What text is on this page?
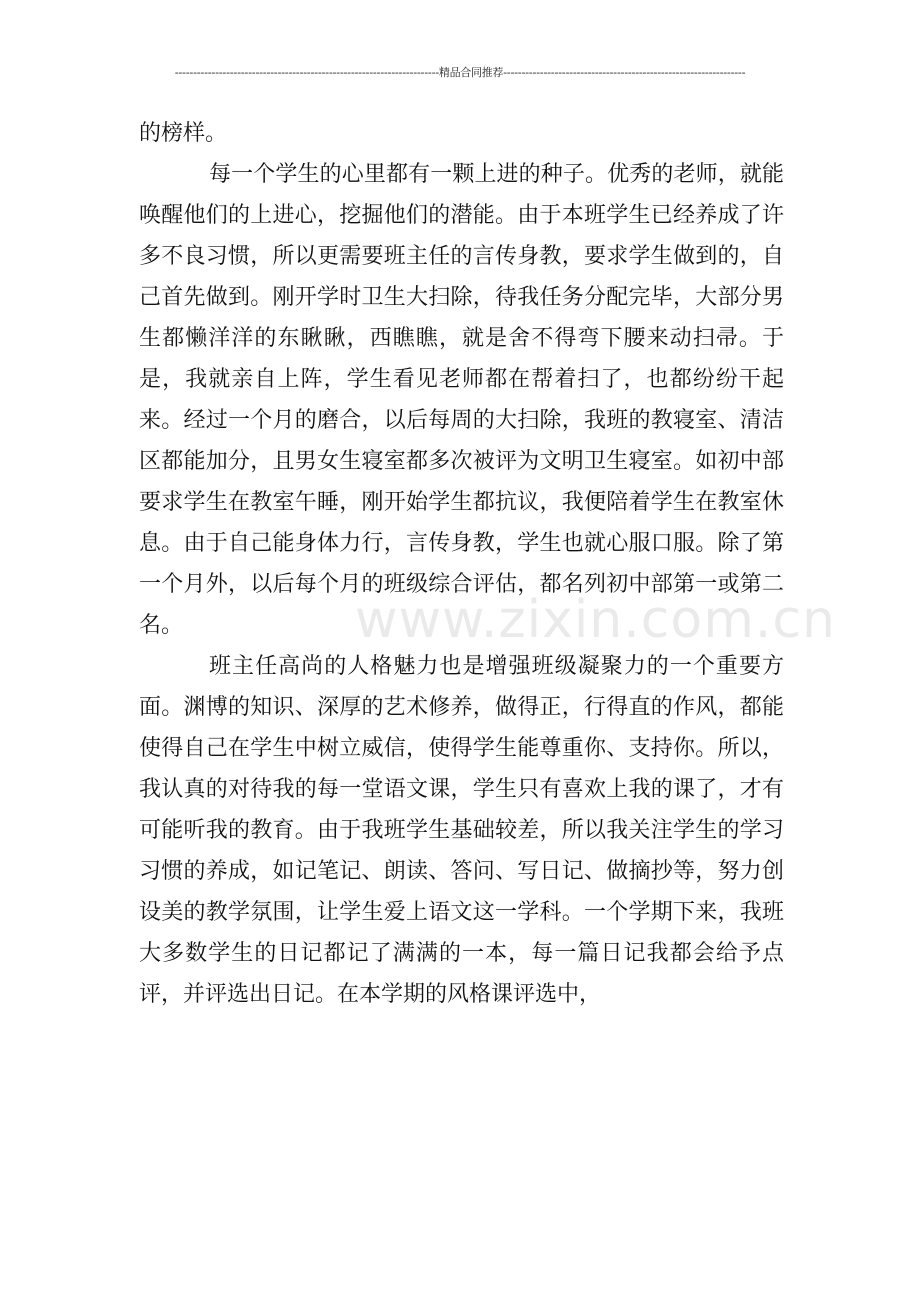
------------------------------------------------------------------------精品合同推荐------------------------------------------------------------------
www.zixin.com.cn

的榜样。

每一个学生的心里都有一颗上进的种子。优秀的老师，就能唤醒他们的上进心，挖掘他们的潜能。由于本班学生已经养成了许多不良习惯，所以更需要班主任的言传身教，要求学生做到的，自己首先做到。刚开学时卫生大扫除，待我任务分配完毕，大部分男生都懒洋洋的东瞅瞅，西瞧瞧，就是舍不得弯下腰来动扫帚。于是，我就亲自上阵，学生看见老师都在帮着扫了，也都纷纷干起来。经过一个月的磨合，以后每周的大扫除，我班的教寝室、清洁区都能加分，且男女生寝室都多次被评为文明卫生寝室。如初中部要求学生在教室午睡，刚开始学生都抗议，我便陪着学生在教室休息。由于自己能身体力行，言传身教，学生也就心服口服。除了第一个月外，以后每个月的班级综合评估，都名列初中部第一或第二名。

班主任高尚的人格魅力也是增强班级凝聚力的一个重要方面。渊博的知识、深厚的艺术修养，做得正，行得直的作风，都能使得自己在学生中树立威信，使得学生能尊重你、支持你。所以，我认真的对待我的每一堂语文课，学生只有喜欢上我的课了，才有可能听我的教育。由于我班学生基础较差，所以我关注学生的学习习惯的养成，如记笔记、朗读、答问、写日记、做摘抄等，努力创设美的教学氛围，让学生爱上语文这一学科。一个学期下来，我班大多数学生的日记都记了满满的一本，每一篇日记我都会给予点评，并评选出日记。在本学期的风格课评选中，
